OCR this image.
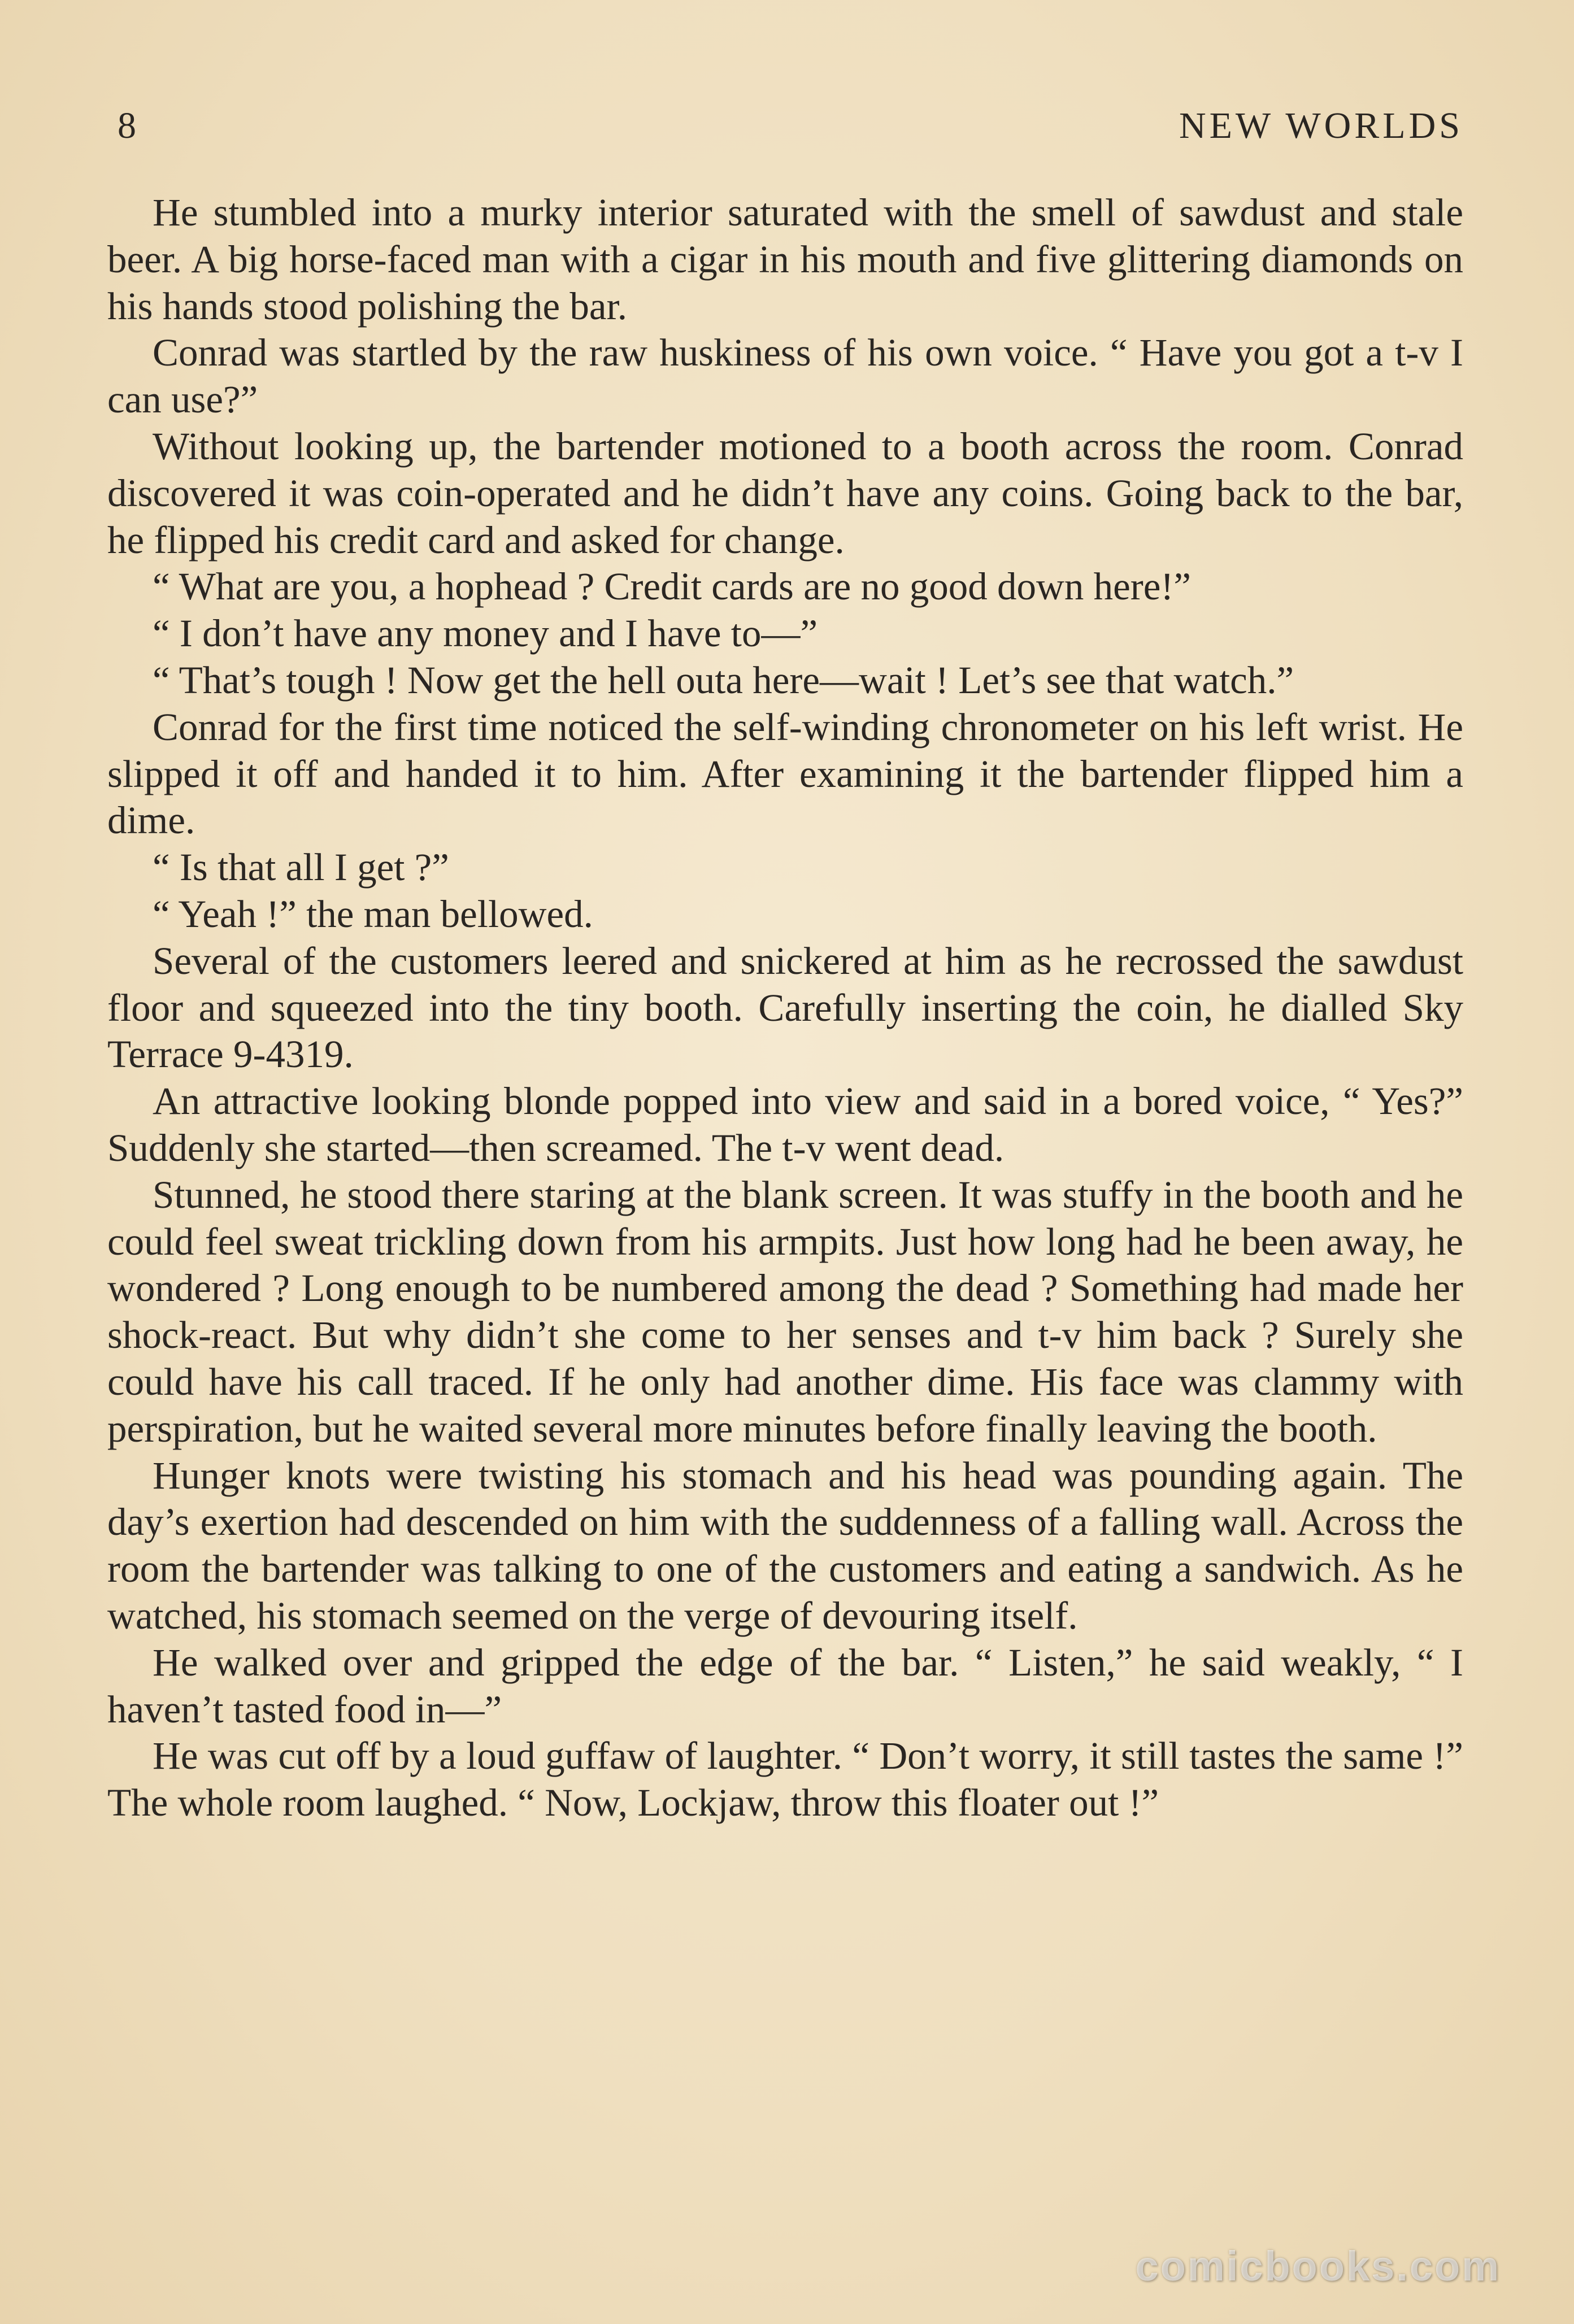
8	NEW WORLDS

He stumbled into a murky interior saturated with the smell of sawdust and stale beer. A big horse-faced man with a cigar in his mouth and five glittering diamonds on his hands stood polishing the bar.

Conrad was startled by the raw huskiness of his own voice. “ Have you got a t-v I can use?”

Without looking up, the bartender motioned to a booth across the room. Conrad discovered it was coin-operated and he didn’t have any coins. Going back to the bar, he flipped his credit card and asked for change.

“ What are you, a hophead ? Credit cards are no good down here!”

“ I don’t have any money and I have to—”

“ That’s tough ! Now get the hell outa here—wait ! Let’s see that watch.”

Conrad for the first time noticed the self-winding chronometer on his left wrist. He slipped it off and handed it to him. After examining it the bartender flipped him a dime.

“ Is that all I get ?”

“ Yeah !” the man bellowed.

Several of the customers leered and snickered at him as he recrossed the sawdust floor and squeezed into the tiny booth. Carefully inserting the coin, he dialled Sky Terrace 9-4319.

An attractive looking blonde popped into view and said in a bored voice, “ Yes?” Suddenly she started—then screamed. The t-v went dead.

Stunned, he stood there staring at the blank screen. It was stuffy in the booth and he could feel sweat trickling down from his armpits. Just how long had he been away, he wondered ? Long enough to be numbered among the dead ? Something had made her shock-react. But why didn’t she come to her senses and t-v him back ? Surely she could have his call traced. If he only had another dime. His face was clammy with perspiration, but he waited several more minutes before finally leaving the booth.

Hunger knots were twisting his stomach and his head was pounding again. The day’s exertion had descended on him with the suddenness of a falling wall. Across the room the bartender was talking to one of the customers and eating a sandwich. As he watched, his stomach seemed on the verge of devouring itself.

He walked over and gripped the edge of the bar. “ Listen,” he said weakly, “ I haven’t tasted food in—”

He was cut off by a loud guffaw of laughter. “ Don’t worry, it still tastes the same !” The whole room laughed. “ Now, Lockjaw, throw this floater out !”

comicbooks.com
